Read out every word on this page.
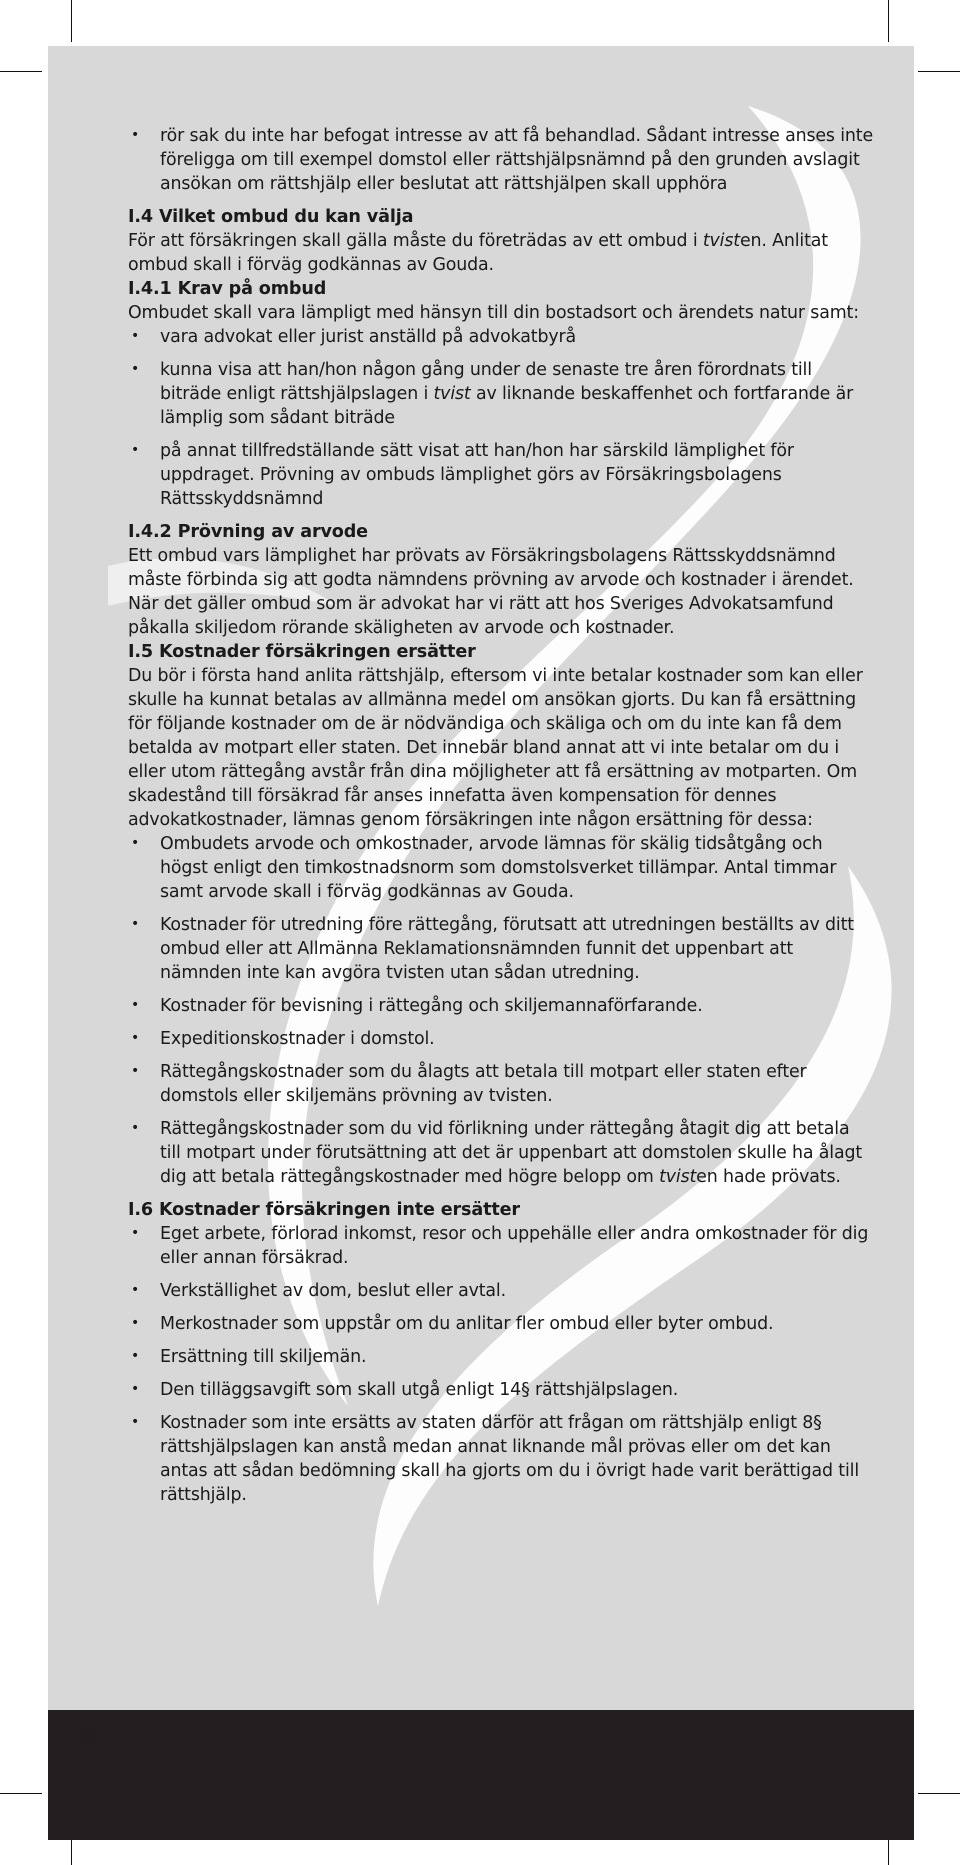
• rör sak du inte har befogat intresse av att få behandlad. Sådant intresse anses inte föreligga om till exempel domstol eller rättshjälpsnämnd på den grunden avslagit ansökan om rättshjälp eller beslutat att rättshjälpen skall upphöra

I.4 Vilket ombud du kan välja

För att försäkringen skall gälla måste du företrädas av ett ombud i tvisten. Anlitat ombud skall i förväg godkännas av Gouda.

I.4.1 Krav på ombud

Ombudet skall vara lämpligt med hänsyn till din bostadsort och ärendets natur samt:

• vara advokat eller jurist anställd på advokatbyrå
• kunna visa att han/hon någon gång under de senaste tre åren förordnats till biträde enligt rättshjälpslagen i tvist av liknande beskaffenhet och fortfarande är lämplig som sådant biträde
• på annat tillfredställande sätt visat att han/hon har särskild lämplighet för uppdraget. Prövning av ombuds lämplighet görs av Försäkringsbolagens Rättsskyddsnämnd

I.4.2 Prövning av arvode

Ett ombud vars lämplighet har prövats av Försäkringsbolagens Rättsskyddsnämnd måste förbinda sig att godta nämndens prövning av arvode och kostnader i ärendet. När det gäller ombud som är advokat har vi rätt att hos Sveriges Advokatsamfund påkalla skiljedom rörande skäligheten av arvode och kostnader.

I.5 Kostnader försäkringen ersätter

Du bör i första hand anlita rättshjälp, eftersom vi inte betalar kostnader som kan eller skulle ha kunnat betalas av allmänna medel om ansökan gjorts. Du kan få ersättning för följande kostnader om de är nödvändiga och skäliga och om du inte kan få dem betalda av motpart eller staten. Det innebär bland annat att vi inte betalar om du i eller utom rättegång avstår från dina möjligheter att få ersättning av motparten. Om skadestånd till försäkrad får anses innefatta även kompensation för dennes advokatkostnader, lämnas genom försäkringen inte någon ersättning för dessa:

• Ombudets arvode och omkostnader, arvode lämnas för skälig tidsåtgång och högst enligt den timkostnadsnorm som domstolsverket tillämpar. Antal timmar samt arvode skall i förväg godkännas av Gouda.
• Kostnader för utredning före rättegång, förutsatt att utredningen beställts av ditt ombud eller att Allmänna Reklamationsnämnden funnit det uppenbart att nämnden inte kan avgöra tvisten utan sådan utredning.
• Kostnader för bevisning i rättegång och skiljemannaförfarande.
• Expeditionskostnader i domstol.
• Rättegångskostnader som du ålagts att betala till motpart eller staten efter domstols eller skiljemäns prövning av tvisten.
• Rättegångskostnader som du vid förlikning under rättegång åtagit dig att betala till motpart under förutsättning att det är uppenbart att domstolen skulle ha ålagt dig att betala rättegångskostnader med högre belopp om tvisten hade prövats.

I.6 Kostnader försäkringen inte ersätter

• Eget arbete, förlorad inkomst, resor och uppehälle eller andra omkostnader för dig eller annan försäkrad.
• Verkställighet av dom, beslut eller avtal.
• Merkostnader som uppstår om du anlitar fler ombud eller byter ombud.
• Ersättning till skiljemän.
• Den tilläggsavgift som skall utgå enligt 14§ rättshjälpslagen.
• Kostnader som inte ersätts av staten därför att frågan om rättshjälp enligt 8§ rättshjälpslagen kan anstå medan annat liknande mål prövas eller om det kan antas att sådan bedömning skall ha gjorts om du i övrigt hade varit berättigad till rättshjälp.
14
